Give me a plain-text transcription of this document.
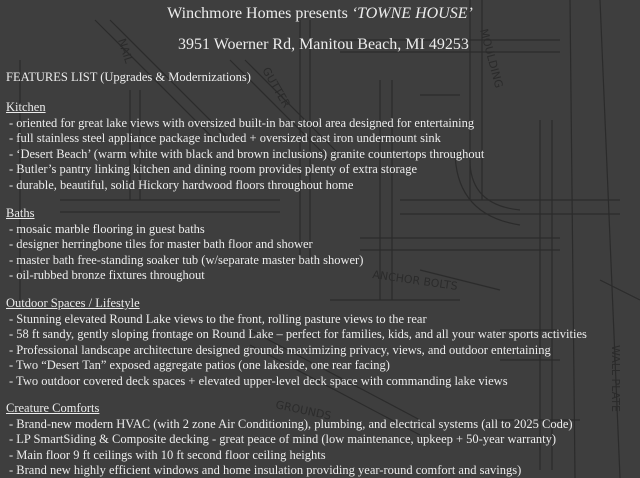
ANCHOR BOLTS
GROUNDS	WALL PLATE
NAIL
GUTTER	MOULDING
Winchmore Homes presents ‘TOWNE HOUSE’
3951 Woerner Rd, Manitou Beach, MI 49253
FEATURES LIST (Upgrades & Modernizations)
Kitchen
- oriented for great lake views with oversized built-in bar stool area designed for entertaining
- full stainless steel appliance package included + oversized cast iron undermount sink
- ‘Desert Beach’ (warm white with black and brown inclusions) granite countertops throughout
- Butler’s pantry linking kitchen and dining room provides plenty of extra storage
- durable, beautiful, solid Hickory hardwood floors throughout home
Baths
- mosaic marble flooring in guest baths
- designer herringbone tiles for master bath floor and shower
- master bath free-standing soaker tub (w/separate master bath shower)
- oil-rubbed bronze fixtures throughout
Outdoor Spaces / Lifestyle
- Stunning elevated Round Lake views to the front, rolling pasture views to the rear
- 58 ft sandy, gently sloping frontage on Round Lake – perfect for families, kids, and all your water sports activities
- Professional landscape architecture designed grounds maximizing privacy, views, and outdoor entertaining
- Two “Desert Tan” exposed aggregate patios (one lakeside, one rear facing)
- Two outdoor covered deck spaces + elevated upper-level deck space with commanding lake views
Creature Comforts
- Brand-new modern HVAC (with 2 zone Air Conditioning), plumbing, and electrical systems (all to 2025 Code)
- LP SmartSiding & Composite decking - great peace of mind (low maintenance, upkeep + 50-year warranty)
- Main floor 9 ft ceilings with 10 ft second floor ceiling heights
- Brand new highly efficient windows and home insulation providing year-round comfort and savings)
